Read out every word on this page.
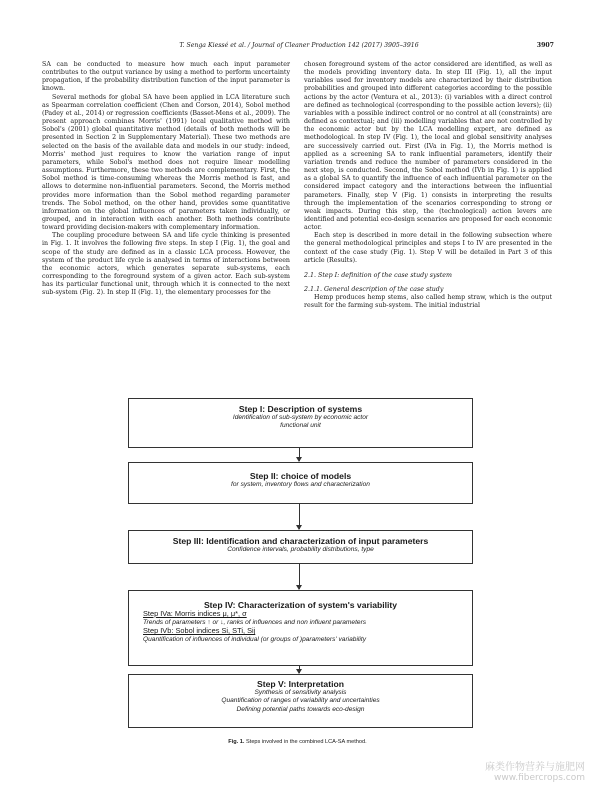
T. Senga Kiessé et al. / Journal of Cleaner Production 142 (2017) 3905–3916	3907

SA can be conducted to measure how much each input parameter contributes to the output variance by using a method to perform uncertainty propagation, if the probability distribution function of the input parameter is known.

Several methods for global SA have been applied in LCA literature such as Spearman correlation coefficient (Chen and Corson, 2014), Sobol method (Padey et al., 2014) or regression coefficients (Basset-Mens et al., 2009). The present approach combines Morris' (1991) local qualitative method with Sobol's (2001) global quantitative method (details of both methods will be presented in Section 2 in Supplementary Material). These two methods are selected on the basis of the available data and models in our study: indeed, Morris' method just requires to know the variation range of input parameters, while Sobol's method does not require linear modelling assumptions. Furthermore, these two methods are complementary. First, the Sobol method is time-consuming whereas the Morris method is fast, and allows to determine non-influential parameters. Second, the Morris method provides more information than the Sobol method regarding parameter trends. The Sobol method, on the other hand, provides some quantitative information on the global influences of parameters taken individually, or grouped, and in interaction with each another. Both methods contribute toward providing decision-makers with complementary information.

The coupling procedure between SA and life cycle thinking is presented in Fig. 1. It involves the following five steps. In step I (Fig. 1), the goal and scope of the study are defined as in a classic LCA process. However, the system of the product life cycle is analysed in terms of interactions between the economic actors, which generates separate sub-systems, each corresponding to the foreground system of a given actor. Each sub-system has its particular functional unit, through which it is connected to the next sub-system (Fig. 2). In step II (Fig. 1), the elementary processes for the

chosen foreground system of the actor considered are identified, as well as the models providing inventory data. In step III (Fig. 1), all the input variables used for inventory models are characterized by their distribution probabilities and grouped into different categories according to the possible actions by the actor (Ventura et al., 2013): (i) variables with a direct control are defined as technological (corresponding to the possible action levers); (ii) variables with a possible indirect control or no control at all (constraints) are defined as contextual; and (iii) modelling variables that are not controlled by the economic actor but by the LCA modelling expert, are defined as methodological. In step IV (Fig. 1), the local and global sensitivity analyses are successively carried out. First (IVa in Fig. 1), the Morris method is applied as a screening SA to rank influential parameters, identify their variation trends and reduce the number of parameters considered in the next step, is conducted. Second, the Sobol method (IVb in Fig. 1) is applied as a global SA to quantify the influence of each influential parameter on the considered impact category and the interactions between the influential parameters. Finally, step V (Fig. 1) consists in interpreting the results through the implementation of the scenarios corresponding to strong or weak impacts. During this step, the (technological) action levers are identified and potential eco-design scenarios are proposed for each economic actor.

Each step is described in more detail in the following subsection where the general methodological principles and steps I to IV are presented in the context of the case study (Fig. 1). Step V will be detailed in Part 3 of this article (Results).

2.1. Step I: definition of the case study system
2.1.1. General description of the case study

Hemp produces hemp stems, also called hemp straw, which is the output result for the farming sub-system. The initial industrial

Step I: Description of systems
Identification of sub-system by economic actor
functional unit
Step II: choice of models
for system, inventory flows and characterization
Step III: Identification and characterization of input parameters
Confidence intervals, probability distributions, type
Step IV: Characterization of system's variability
Step IVa: Morris indices μ, μ*, σ
Trends of parameters ↑ or ↓, ranks of influences and non influent parameters
Step IVb: Sobol indices Si, STi, Sij
Quantification of influences of individual (or groups of )parameters' variability
Step V: Interpretation
Synthesis of sensitivity analysis
Quantification of ranges of variability and uncertainties
Defining potential paths towards eco-design
Fig. 1. Steps involved in the combined LCA-SA method.
麻类作物营养与施肥网
www.fibercrops.com
